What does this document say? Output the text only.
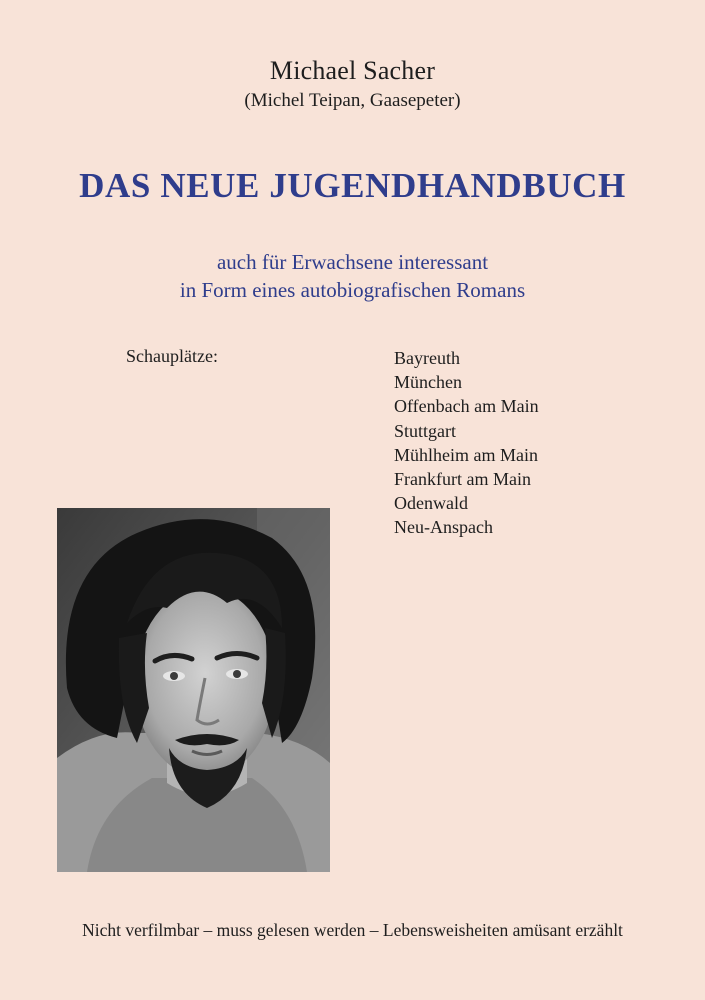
Michael Sacher
(Michel Teipan, Gaasepeter)
DAS NEUE JUGENDHANDBUCH
auch für Erwachsene interessant
in Form eines autobiografischen Romans
Schauplätze:	Bayreuth
München
Offenbach am Main
Stuttgart
Mühlheim am Main
Frankfurt am Main
Odenwald
Neu-Anspach
Nicht verfilmbar – muss gelesen werden – Lebensweisheiten amüsant erzählt
